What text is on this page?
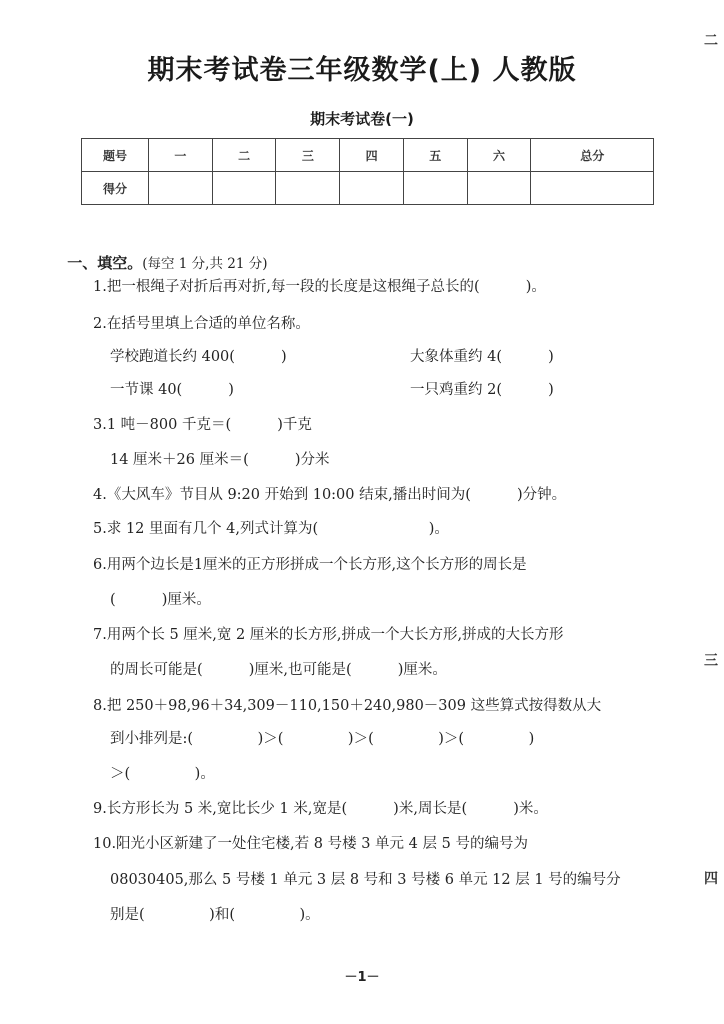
期末考试卷三年级数学(上) 人教版
期末考试卷(一)
题号	一	二	三	四	五	六	总分
得分							
二
三
四

一、填空。(每空 1 分,共 21 分)

1.把一根绳子对折后再对折,每一段的长度是这根绳子总长的(          )。
2.在括号里填上合适的单位名称。
学校跑道长约 400(          )	大象体重约 4(          )
一节课 40(          )	一只鸡重约 2(          )
3.1 吨－800 千克＝(          )千克
14 厘米＋26 厘米＝(          )分米
4.《大风车》节目从 9:20 开始到 10:00 结束,播出时间为(          )分钟。
5.求 12 里面有几个 4,列式计算为(                        )。
6.用两个边长是1厘米的正方形拼成一个长方形,这个长方形的周长是
(          )厘米。
7.用两个长 5 厘米,宽 2 厘米的长方形,拼成一个大长方形,拼成的大长方形
的周长可能是(          )厘米,也可能是(          )厘米。
8.把 250＋98,96＋34,309－110,150＋240,980－309 这些算式按得数从大
到小排列是:(              )＞(              )＞(              )＞(              )
＞(              )。
9.长方形长为 5 米,宽比长少 1 米,宽是(          )米,周长是(          )米。
10.阳光小区新建了一处住宅楼,若 8 号楼 3 单元 4 层 5 号的编号为
08030405,那么 5 号楼 1 单元 3 层 8 号和 3 号楼 6 单元 12 层 1 号的编号分
别是(              )和(              )。
－1－
